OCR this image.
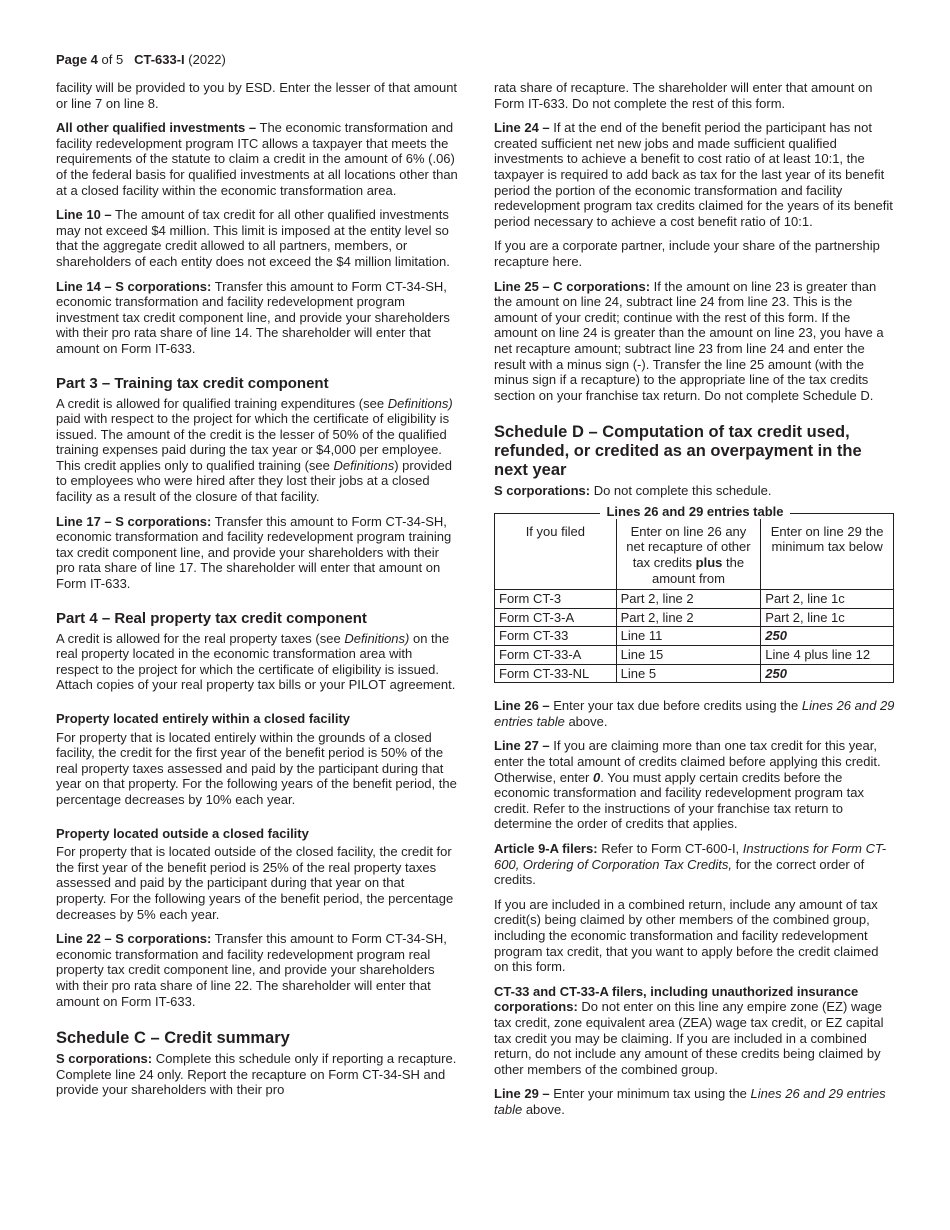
Page 4 of 5 CT-633-I (2022)

facility will be provided to you by ESD. Enter the lesser of that amount or line 7 on line 8.

All other qualified investments – The economic transformation and facility redevelopment program ITC allows a taxpayer that meets the requirements of the statute to claim a credit in the amount of 6% (.06) of the federal basis for qualified investments at all locations other than at a closed facility within the economic transformation area.

Line 10 – The amount of tax credit for all other qualified investments may not exceed $4 million. This limit is imposed at the entity level so that the aggregate credit allowed to all partners, members, or shareholders of each entity does not exceed the $4 million limitation.

Line 14 – S corporations: Transfer this amount to Form CT-34-SH, economic transformation and facility redevelopment program investment tax credit component line, and provide your shareholders with their pro rata share of line 14. The shareholder will enter that amount on Form IT-633.

Part 3 – Training tax credit component

A credit is allowed for qualified training expenditures (see Definitions) paid with respect to the project for which the certificate of eligibility is issued. The amount of the credit is the lesser of 50% of the qualified training expenses paid during the tax year or $4,000 per employee. This credit applies only to qualified training (see Definitions) provided to employees who were hired after they lost their jobs at a closed facility as a result of the closure of that facility.

Line 17 – S corporations: Transfer this amount to Form CT-34-SH, economic transformation and facility redevelopment program training tax credit component line, and provide your shareholders with their pro rata share of line 17. The shareholder will enter that amount on Form IT-633.

Part 4 – Real property tax credit component

A credit is allowed for the real property taxes (see Definitions) on the real property located in the economic transformation area with respect to the project for which the certificate of eligibility is issued. Attach copies of your real property tax bills or your PILOT agreement.

Property located entirely within a closed facility

For property that is located entirely within the grounds of a closed facility, the credit for the first year of the benefit period is 50% of the real property taxes assessed and paid by the participant during that year on that property. For the following years of the benefit period, the percentage decreases by 10% each year.

Property located outside a closed facility

For property that is located outside of the closed facility, the credit for the first year of the benefit period is 25% of the real property taxes assessed and paid by the participant during that year on that property. For the following years of the benefit period, the percentage decreases by 5% each year.

Line 22 – S corporations: Transfer this amount to Form CT-34-SH, economic transformation and facility redevelopment program real property tax credit component line, and provide your shareholders with their pro rata share of line 22. The shareholder will enter that amount on Form IT-633.

Schedule C – Credit summary

S corporations: Complete this schedule only if reporting a recapture. Complete line 24 only. Report the recapture on Form CT-34-SH and provide your shareholders with their pro

rata share of recapture. The shareholder will enter that amount on Form IT-633. Do not complete the rest of this form.

Line 24 – If at the end of the benefit period the participant has not created sufficient net new jobs and made sufficient qualified investments to achieve a benefit to cost ratio of at least 10:1, the taxpayer is required to add back as tax for the last year of its benefit period the portion of the economic transformation and facility redevelopment program tax credits claimed for the years of its benefit period necessary to achieve a cost benefit ratio of 10:1.

If you are a corporate partner, include your share of the partnership recapture here.

Line 25 – C corporations: If the amount on line 23 is greater than the amount on line 24, subtract line 24 from line 23. This is the amount of your credit; continue with the rest of this form. If the amount on line 24 is greater than the amount on line 23, you have a net recapture amount; subtract line 23 from line 24 and enter the result with a minus sign (-). Transfer the line 25 amount (with the minus sign if a recapture) to the appropriate line of the tax credits section on your franchise tax return. Do not complete Schedule D.

Schedule D – Computation of tax credit used, refunded, or credited as an overpayment in the next year

S corporations: Do not complete this schedule.

Lines 26 and 29 entries table
If you filed	Enter on line 26 any net recapture of other tax credits plus the amount from	Enter on line 29 the minimum tax below
Form CT-3	Part 2, line 2	Part 2, line 1c
Form CT-3-A	Part 2, line 2	Part 2, line 1c
Form CT-33	Line 11	250
Form CT-33-A	Line 15	Line 4 plus line 12
Form CT-33-NL	Line 5	250

Line 26 – Enter your tax due before credits using the Lines 26 and 29 entries table above.

Line 27 – If you are claiming more than one tax credit for this year, enter the total amount of credits claimed before applying this credit. Otherwise, enter 0. You must apply certain credits before the economic transformation and facility redevelopment program tax credit. Refer to the instructions of your franchise tax return to determine the order of credits that applies.

Article 9-A filers: Refer to Form CT-600-I, Instructions for Form CT-600, Ordering of Corporation Tax Credits, for the correct order of credits.

If you are included in a combined return, include any amount of tax credit(s) being claimed by other members of the combined group, including the economic transformation and facility redevelopment program tax credit, that you want to apply before the credit claimed on this form.

CT-33 and CT-33-A filers, including unauthorized insurance corporations: Do not enter on this line any empire zone (EZ) wage tax credit, zone equivalent area (ZEA) wage tax credit, or EZ capital tax credit you may be claiming. If you are included in a combined return, do not include any amount of these credits being claimed by other members of the combined group.

Line 29 – Enter your minimum tax using the Lines 26 and 29 entries table above.
